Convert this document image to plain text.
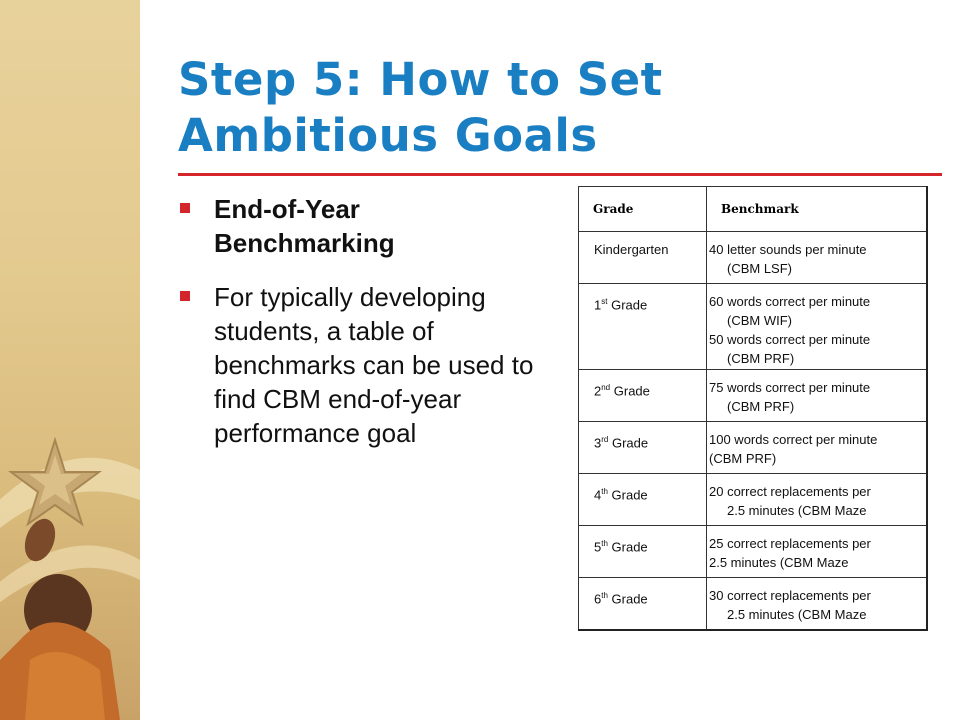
Step 5: How to Set
Ambitious Goals
End-of-Year Benchmarking
For typically developing students, a table of benchmarks can be used to find CBM end-of-year performance goal
Grade	Benchmark
Kindergarten	40 letter sounds per minute
(CBM LSF)

1st Grade	60 words correct per minute
(CBM WIF)
50 words correct per minute
(CBM PRF)

2nd Grade	75 words correct per minute
(CBM PRF)

3rd Grade	100 words correct per minute
(CBM PRF)

4th Grade	20 correct replacements per
2.5 minutes (CBM Maze

5th Grade	25 correct replacements per
2.5 minutes (CBM Maze

6th Grade	30 correct replacements per
2.5 minutes (CBM Maze
